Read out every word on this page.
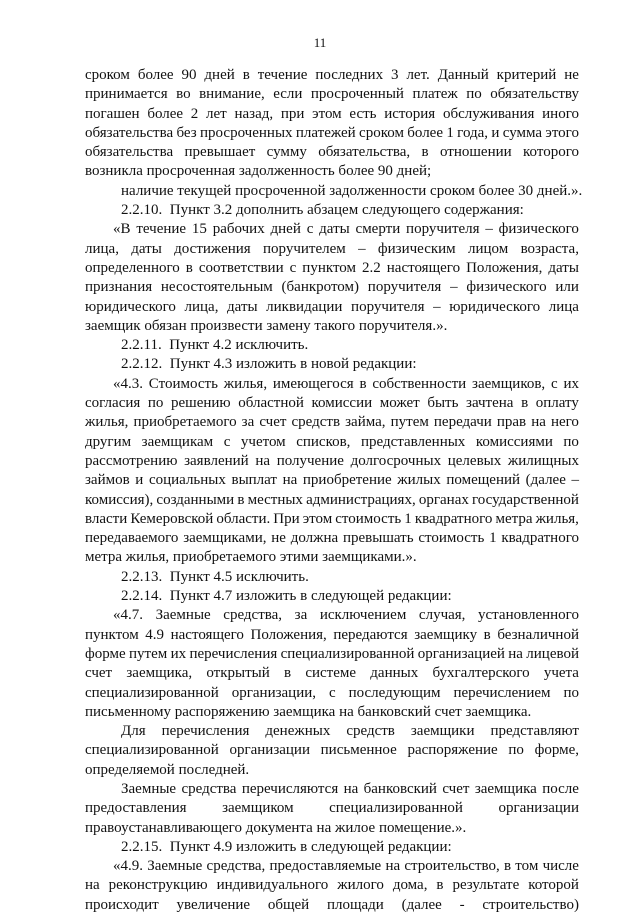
11
сроком более 90 дней в течение последних 3 лет. Данный критерий не
принимается во внимание, если просроченный платеж по обязательству
погашен более 2 лет назад, при этом есть история обслуживания иного
обязательства без просроченных платежей сроком более 1 года, и сумма этого
обязательства превышает сумму обязательства, в отношении которого
возникла просроченная задолженность более 90 дней;
наличие текущей просроченной задолженности сроком более 30 дней.».
2.2.10.  Пункт 3.2 дополнить абзацем следующего содержания:
«В течение 15 рабочих дней с даты смерти поручителя – физического
лица, даты достижения поручителем – физическим лицом возраста,
определенного в соответствии с пунктом 2.2 настоящего Положения, даты
признания несостоятельным (банкротом) поручителя – физического или
юридического лица, даты ликвидации поручителя – юридического лица
заемщик обязан произвести замену такого поручителя.».
2.2.11.  Пункт 4.2 исключить.
2.2.12.  Пункт 4.3 изложить в новой редакции:
«4.3. Стоимость жилья, имеющегося в собственности заемщиков, с их
согласия по решению областной комиссии может быть зачтена в оплату
жилья, приобретаемого за счет средств займа, путем передачи прав на него
другим заемщикам с учетом списков, представленных комиссиями по
рассмотрению заявлений на получение долгосрочных целевых жилищных
займов и социальных выплат на приобретение жилых помещений (далее –
комиссия), созданными в местных администрациях, органах государственной
власти Кемеровской области. При этом стоимость 1 квадратного метра жилья,
передаваемого заемщиками, не должна превышать стоимость 1 квадратного
метра жилья, приобретаемого этими заемщиками.».
2.2.13.  Пункт 4.5 исключить.
2.2.14.  Пункт 4.7 изложить в следующей редакции:
«4.7. Заемные средства, за исключением случая, установленного
пунктом 4.9 настоящего Положения, передаются заемщику в безналичной
форме путем их перечисления специализированной организацией на лицевой
счет заемщика, открытый в системе данных бухгалтерского учета
специализированной организации, с последующим перечислением по
письменному распоряжению заемщика на банковский счет заемщика.
Для перечисления денежных средств заемщики представляют
специализированной организации письменное распоряжение по форме,
определяемой последней.
Заемные средства перечисляются на банковский счет заемщика после
предоставления заемщиком специализированной организации
правоустанавливающего документа на жилое помещение.».
2.2.15.  Пункт 4.9 изложить в следующей редакции:
«4.9. Заемные средства, предоставляемые на строительство, в том числе
на реконструкцию индивидуального жилого дома, в результате которой
происходит увеличение общей площади (далее - строительство)
